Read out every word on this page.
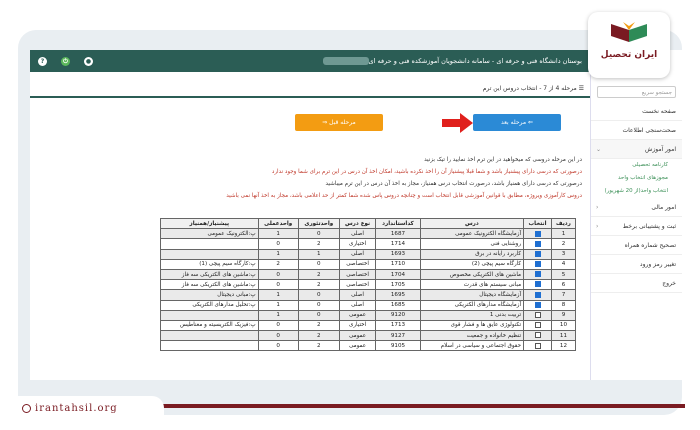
ایران تحصیل
بوستان دانشگاه فنی و حرفه ای - سامانه دانشجویان آموزشکده فنی و حرفه ای
?	⏻	●
☰ مرحله 4 از 7 - انتخاب دروس این ترم
مرحله بعد ⇐
⇒ مرحله قبل
در این مرحله دروسی که میخواهید در این ترم اخذ نمایید را تیک بزنید
درصورتی که درسی دارای پیشنیاز باشد و شما قبلا پیشنیاز آن را اخذ نکرده باشید، امکان اخذ آن درس در این ترم برای شما وجود ندارد
درصورتی که درسی دارای همنیاز باشد، درصورت انتخاب درس همنیاز، مجاز به اخذ آن درس در این ترم میباشید
دروس کارآموزی ویروژه، مطابق با قوانین آموزشی قابل انتخاب است و چنانچه دروس پاس شده شما کمتر از حد اعلامی باشد، مجاز به اخذ آنها نمی باشید
ردیف	انتخاب	درس	کداستاندارد	نوع درس	واحدتئوری	واحدعملی	پیشنیاز/همنیاز
1		آزمایشگاه الکترونیک عمومی	1687	اصلی	0	1	پ:الکترونیک عمومی
2		روشنایی فنی	1714	اختیاری	2	0	
3		کاربرد رایانه در برق	1693	اصلی	1	1	
4		کارگاه سیم پیچی (2)	1710	اختصاصی	0	2	پ:کارگاه سیم پیچی (1)
5		ماشین های الکتریکی مخصوص	1704	اختصاصی	2	0	پ:ماشین های الکتریکی سه فاز
6		مبانی سیستم های قدرت	1705	اختصاصی	2	0	پ:ماشین های الکتریکی سه فاز
7		آزمایشگاه دیجیتال	1695	اصلی	0	1	پ:مبانی دیجیتال
8		آزمایشگاه مدارهای الکتریکی	1685	اصلی	0	1	پ:تحلیل مدارهای الکتریکی
9		تربیت بدنی 1	9120	عمومی	0	1	
10		تکنولوژی عایق ها و فشار قوی	1713	اختیاری	2	0	پ:فیزیک الکتریسیته و مغناطیس
11		تنظیم خانواده و جمعیت	9127	عمومی	2	0	
12		حقوق اجتماعی و سیاسی در اسلام	9105	عمومی	2	0	
جستجو سریع
صفحه نخست
صحت‌سنجی اطلاعات
امور آموزش
⌄
کارنامه تحصیلی
مجوزهای انتخاب واحد
انتخاب واحد(از 20 شهریور)
امور مالی
‹
ثبت و پشتیبانی برخط
‹
تصحیح شماره همراه
تغییر رمز ورود
خروج
irantahsil.org
